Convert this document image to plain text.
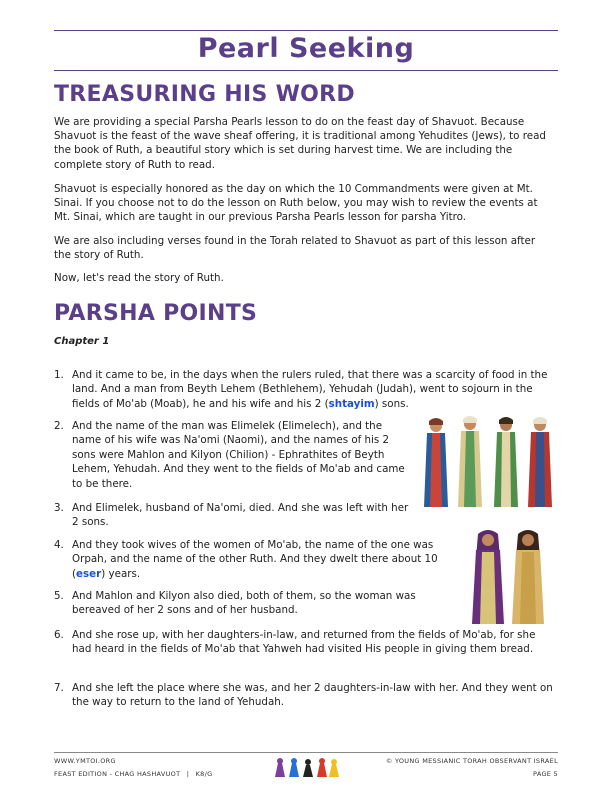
Pearl Seeking
TREASURING HIS WORD

We are providing a special Parsha Pearls lesson to do on the feast day of Shavuot. Because Shavuot is the feast of the wave sheaf offering, it is traditional among Yehudites (Jews), to read the book of Ruth, a beautiful story which is set during harvest time. We are including the complete story of Ruth to read.

Shavuot is especially honored as the day on which the 10 Commandments were given at Mt. Sinai. If you choose not to do the lesson on Ruth below, you may wish to review the events at Mt. Sinai, which are taught in our previous Parsha Pearls lesson for parsha Yitro.

We are also including verses found in the Torah related to Shavuot as part of this lesson after the story of Ruth.

Now, let's read the story of Ruth.

PARSHA POINTS
Chapter 1
1. And it came to be, in the days when the rulers ruled, that there was a scarcity of food in the land. And a man from Beyth Lehem (Bethlehem), Yehudah (Judah), went to sojourn in the fields of Mo'ab (Moab), he and his wife and his 2 (shtayim) sons.
2. And the name of the man was Elimelek (Elimelech), and the name of his wife was Na'omi (Naomi), and the names of his 2 sons were Mahlon and Kilyon (Chilion) - Ephrathites of Beyth Lehem, Yehudah. And they went to the fields of Mo'ab and came to be there.
3. And Elimelek, husband of Na'omi, died. And she was left with her 2 sons.
4. And they took wives of the women of Mo'ab, the name of the one was Orpah, and the name of the other Ruth. And they dwelt there about 10 (eser) years.
5. And Mahlon and Kilyon also died, both of them, so the woman was bereaved of her 2 sons and of her husband.
6. And she rose up, with her daughters-in-law, and returned from the fields of Mo'ab, for she had heard in the fields of Mo'ab that Yahweh had visited His people in giving them bread.
7. And she left the place where she was, and her 2 daughters-in-law with her. And they went on the way to return to the land of Yehudah.
WWW.YMTOI.ORG
FEAST EDITION - CHAG HASHAVUOT | K8/G
© YOUNG MESSIANIC TORAH OBSERVANT ISRAEL
PAGE 5
